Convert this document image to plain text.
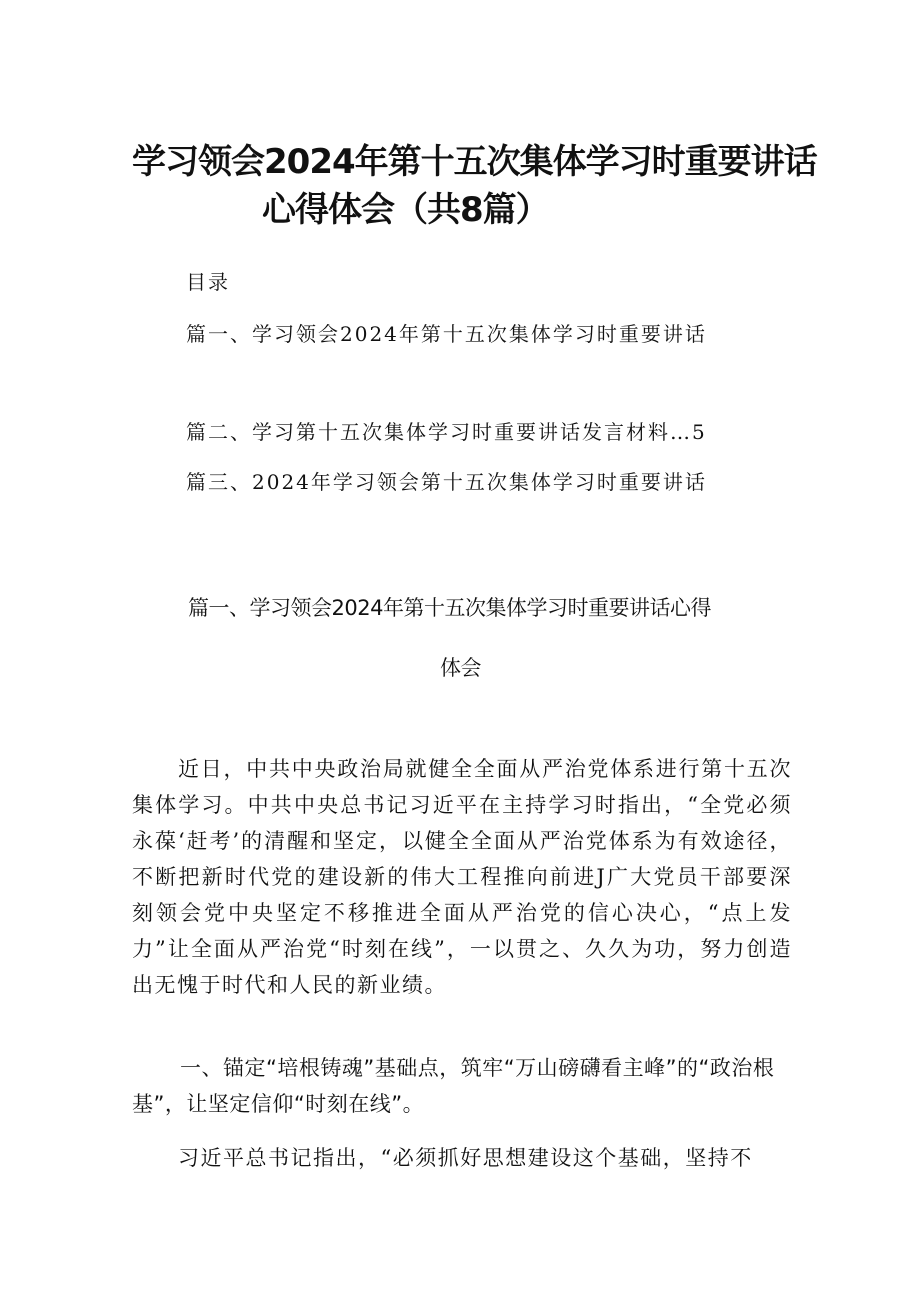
学习领会2024年第十五次集体学习时重要讲话
心得体会（共8篇）
目录
篇一、学习领会2024年第十五次集体学习时重要讲话
篇二、学习第十五次集体学习时重要讲话发言材料…5
篇三、2024年学习领会第十五次集体学习时重要讲话
篇一、学习领会2024年第十五次集体学习时重要讲话心得
体会

近日，中共中央政治局就健全全面从严治党体系进行第十五次集体学习。中共中央总书记习近平在主持学习时指出，“全党必须永葆‘赶考’的清醒和坚定，以健全全面从严治党体系为有效途径，不断把新时代党的建设新的伟大工程推向前进J广大党员干部要深刻领会党中央坚定不移推进全面从严治党的信心决心，“点上发力”让全面从严治党“时刻在线”，一以贯之、久久为功，努力创造出无愧于时代和人民的新业绩。

一、锚定“培根铸魂”基础点，筑牢“万山磅礴看主峰”的“政治根基”，让坚定信仰“时刻在线”。

习近平总书记指出，“必须抓好思想建设这个基础，坚持不
